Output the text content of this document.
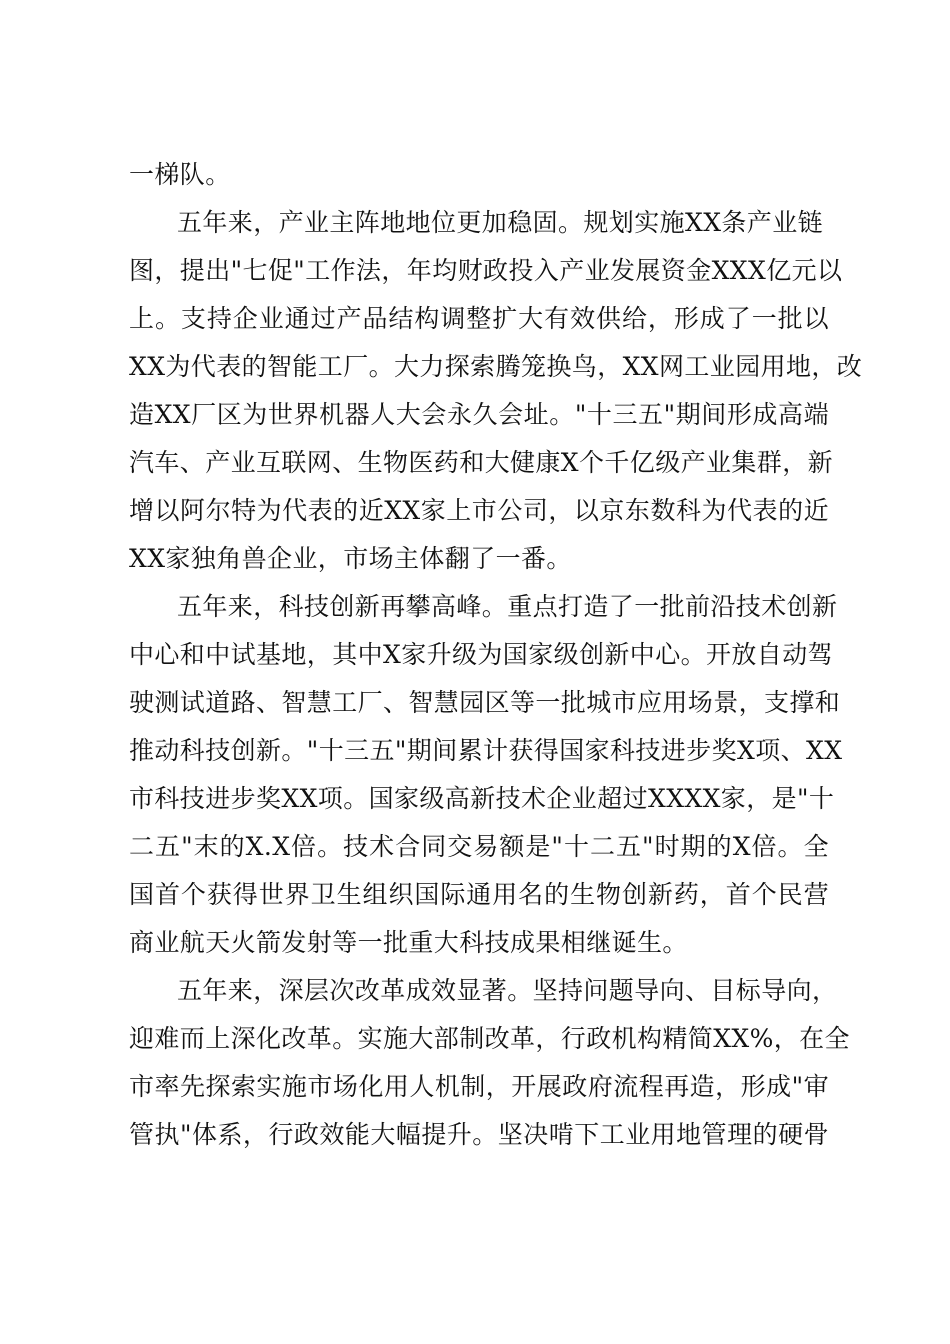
一梯队。
五年来，产业主阵地地位更加稳固。规划实施XX条产业链
图，提出"七促"工作法，年均财政投入产业发展资金XXX亿元以
上。支持企业通过产品结构调整扩大有效供给，形成了一批以
XX为代表的智能工厂。大力探索腾笼换鸟，XX网工业园用地，改
造XX厂区为世界机器人大会永久会址。"十三五"期间形成高端
汽车、产业互联网、生物医药和大健康X个千亿级产业集群，新
增以阿尔特为代表的近XX家上市公司，以京东数科为代表的近
XX家独角兽企业，市场主体翻了一番。
五年来，科技创新再攀高峰。重点打造了一批前沿技术创新
中心和中试基地，其中X家升级为国家级创新中心。开放自动驾
驶测试道路、智慧工厂、智慧园区等一批城市应用场景，支撑和
推动科技创新。"十三五"期间累计获得国家科技进步奖X项、XX
市科技进步奖XX项。国家级高新技术企业超过XXXX家，是"十
二五"末的X.X倍。技术合同交易额是"十二五"时期的X倍。全
国首个获得世界卫生组织国际通用名的生物创新药，首个民营
商业航天火箭发射等一批重大科技成果相继诞生。
五年来，深层次改革成效显著。坚持问题导向、目标导向，
迎难而上深化改革。实施大部制改革，行政机构精简XX%，在全
市率先探索实施市场化用人机制，开展政府流程再造，形成"审
管执"体系，行政效能大幅提升。坚决啃下工业用地管理的硬骨
